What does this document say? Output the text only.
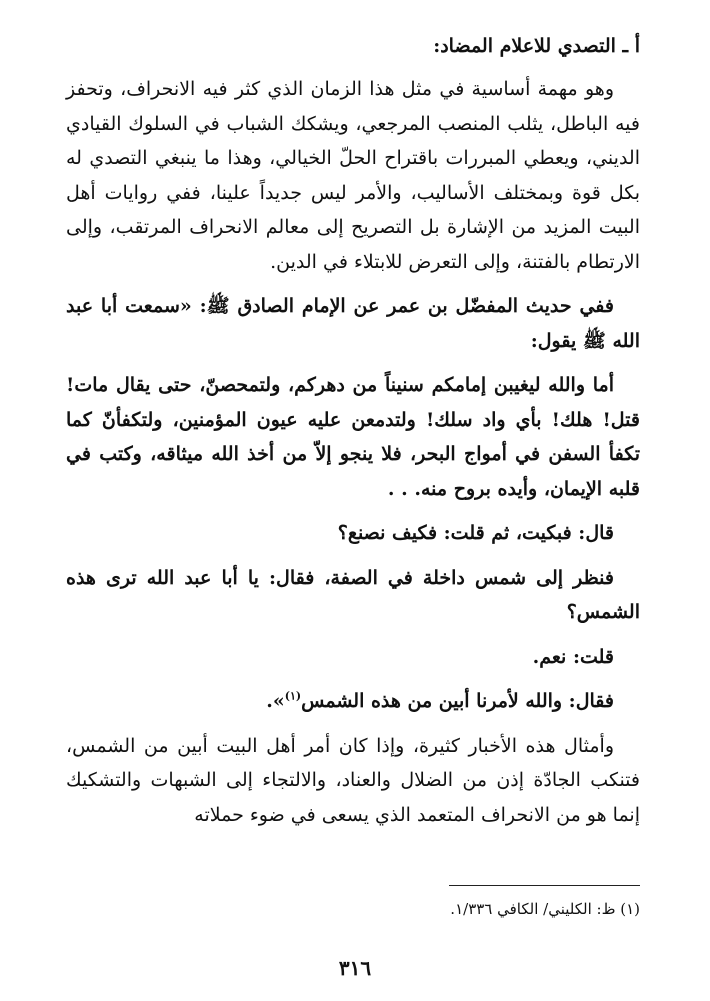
أ ـ التصدي للاعلام المضاد:

وهو مهمة أساسية في مثل هذا الزمان الذي كثر فيه الانحراف، وتحفز فيه الباطل، يثلب المنصب المرجعي، ويشكك الشباب في السلوك القيادي الديني، ويعطي المبررات باقتراح الحلّ الخيالي، وهذا ما ينبغي التصدي له بكل قوة وبمختلف الأساليب، والأمر ليس جديداً علينا، ففي روايات أهل البيت المزيد من الإشارة بل التصريح إلى معالم الانحراف المرتقب، وإلى الارتطام بالفتنة، وإلى التعرض للابتلاء في الدين.

ففي حديث المفضّل بن عمر عن الإمام الصادق ﷺ: «سمعت أبا عبد الله ﷺ يقول:

أما والله ليغيبن إمامكم سنيناً من دهركم، ولتمحصنّ، حتى يقال مات! قتل! هلك! بأي واد سلك! ولتدمعن عليه عيون المؤمنين، ولتكفأنّ كما تكفأ السفن في أمواج البحر، فلا ينجو إلاّ من أخذ الله ميثاقه، وكتب في قلبه الإيمان، وأيده بروح منه. . .

قال: فبكيت، ثم قلت: فكيف نصنع؟

فنظر إلى شمس داخلة في الصفة، فقال: يا أبا عبد الله ترى هذه الشمس؟

قلت: نعم.

فقال: والله لأمرنا أبين من هذه الشمس$^{(١)}$».

وأمثال هذه الأخبار كثيرة، وإذا كان أمر أهل البيت أبين من الشمس، فتنكب الجادّة إذن من الضلال والعناد، والالتجاء إلى الشبهات والتشكيك إنما هو من الانحراف المتعمد الذي يسعى في ضوء حملاته

(١) ظ: الكليني/ الكافي ١/٣٣٦.
٣١٦
